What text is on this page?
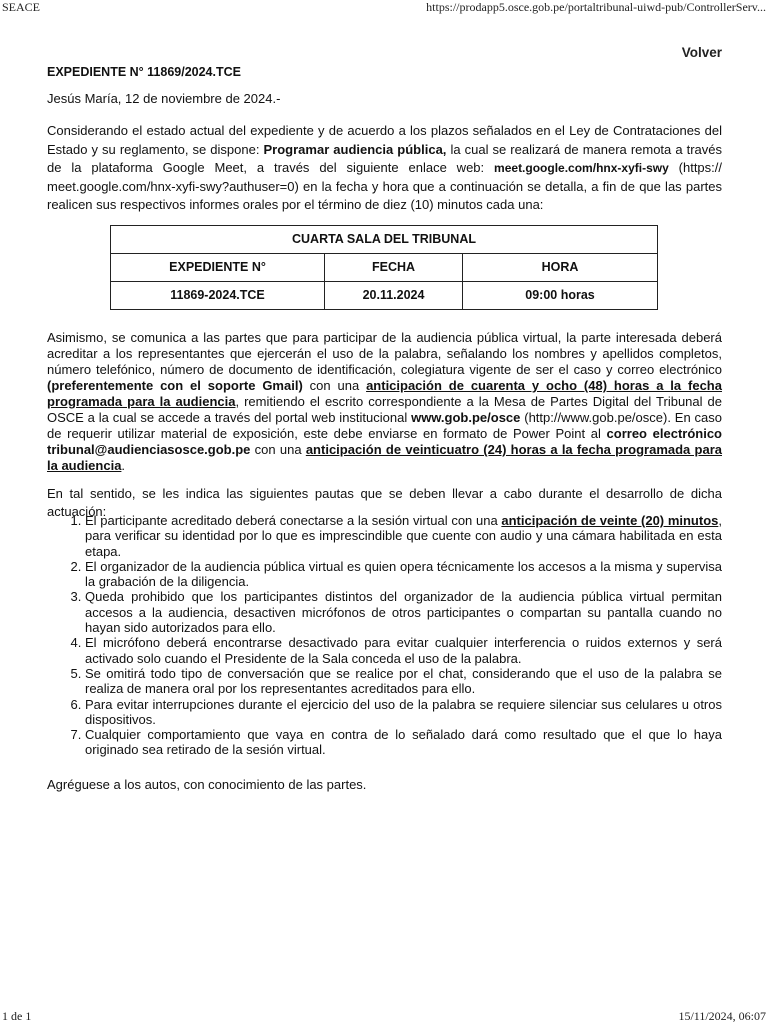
SEACE	https://prodapp5.osce.gob.pe/portaltribunal-uiwd-pub/ControllerServ...
Volver
EXPEDIENTE N° 11869/2024.TCE
Jesús María, 12 de noviembre de 2024.-

Considerando el estado actual del expediente y de acuerdo a los plazos señalados en el Ley de Contrataciones del Estado y su reglamento, se dispone: Programar audiencia pública, la cual se realizará de manera remota a través de la plataforma Google Meet, a través del siguiente enlace web: meet.google.com/hnx-xyfi-swy (https:// meet.google.com/hnx-xyfi-swy?authuser=0) en la fecha y hora que a continuación se detalla, a fin de que las partes realicen sus respectivos informes orales por el término de diez (10) minutos cada una:

CUARTA SALA DEL TRIBUNAL		
EXPEDIENTE N°	FECHA	HORA
11869-2024.TCE	20.11.2024	09:00 horas

Asimismo, se comunica a las partes que para participar de la audiencia pública virtual, la parte interesada deberá acreditar a los representantes que ejercerán el uso de la palabra, señalando los nombres y apellidos completos, número telefónico, número de documento de identificación, colegiatura vigente de ser el caso y correo electrónico (preferentemente con el soporte Gmail) con una anticipación de cuarenta y ocho (48) horas a la fecha programada para la audiencia, remitiendo el escrito correspondiente a la Mesa de Partes Digital del Tribunal de OSCE a la cual se accede a través del portal web institucional www.gob.pe/osce (http://www.gob.pe/osce). En caso de requerir utilizar material de exposición, este debe enviarse en formato de Power Point al correo electrónico tribunal@audienciasosce.gob.pe con una anticipación de veinticuatro (24) horas a la fecha programada para la audiencia.

En tal sentido, se les indica las siguientes pautas que se deben llevar a cabo durante el desarrollo de dicha actuación:

1. El participante acreditado deberá conectarse a la sesión virtual con una anticipación de veinte (20) minutos, para verificar su identidad por lo que es imprescindible que cuente con audio y una cámara habilitada en esta etapa.
2. El organizador de la audiencia pública virtual es quien opera técnicamente los accesos a la misma y supervisa la grabación de la diligencia.
3. Queda prohibido que los participantes distintos del organizador de la audiencia pública virtual permitan accesos a la audiencia, desactiven micrófonos de otros participantes o compartan su pantalla cuando no hayan sido autorizados para ello.
4. El micrófono deberá encontrarse desactivado para evitar cualquier interferencia o ruidos externos y será activado solo cuando el Presidente de la Sala conceda el uso de la palabra.
5. Se omitirá todo tipo de conversación que se realice por el chat, considerando que el uso de la palabra se realiza de manera oral por los representantes acreditados para ello.
6. Para evitar interrupciones durante el ejercicio del uso de la palabra se requiere silenciar sus celulares u otros dispositivos.
7. Cualquier comportamiento que vaya en contra de lo señalado dará como resultado que el que lo haya originado sea retirado de la sesión virtual.

Agréguese a los autos, con conocimiento de las partes.

1 de 1	15/11/2024, 06:07
